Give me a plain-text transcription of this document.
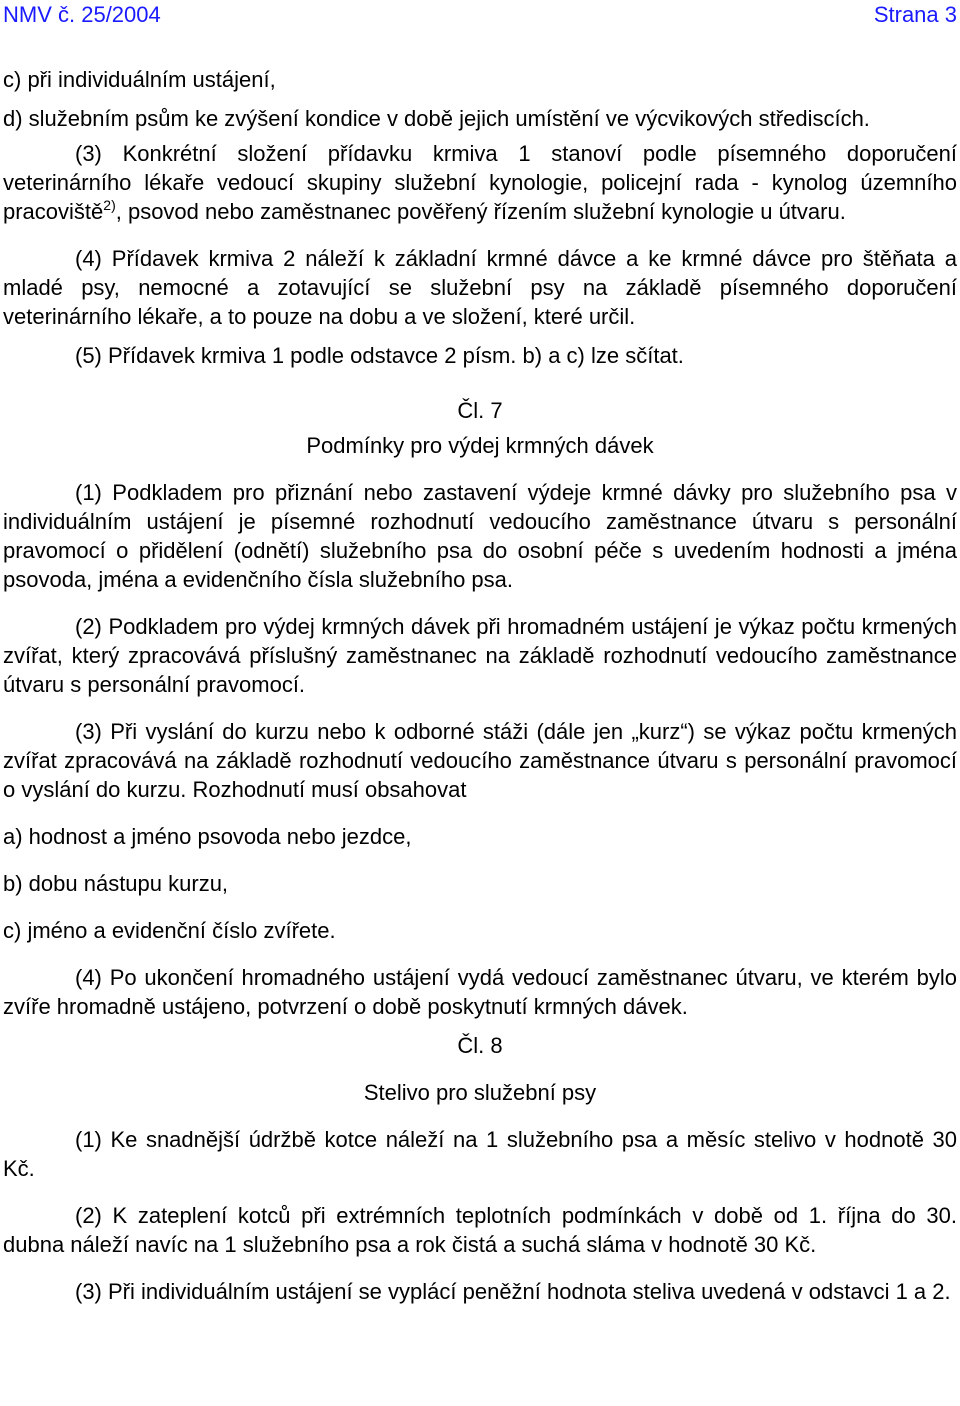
NMV č. 25/2004	Strana 3

c) při individuálním ustájení,

d) služebním psům ke zvýšení kondice v době jejich umístění ve výcvikových střediscích.

(3) Konkrétní složení přídavku krmiva 1 stanoví podle písemného doporučení veterinárního lékaře vedoucí skupiny služební kynologie, policejní rada - kynolog územního pracoviště$^{2)}$, psovod nebo zaměstnanec pověřený řízením služební kynologie u útvaru.

(4) Přídavek krmiva 2 náleží k základní krmné dávce a ke krmné dávce pro štěňata a mladé psy, nemocné a zotavující se služební psy na základě písemného doporučení veterinárního lékaře, a to pouze na dobu a ve složení, které určil.

(5) Přídavek krmiva 1 podle odstavce 2 písm. b) a c) lze sčítat.

Čl. 7

Podmínky pro výdej krmných dávek

(1) Podkladem pro přiznání nebo zastavení výdeje krmné dávky pro služebního psa v individuálním ustájení je písemné rozhodnutí vedoucího zaměstnance útvaru s personální pravomocí o přidělení (odnětí) služebního psa do osobní péče s uvedením hodnosti a jména psovoda, jména a evidenčního čísla služebního psa.

(2) Podkladem pro výdej krmných dávek při hromadném ustájení je výkaz počtu krmených zvířat, který zpracovává příslušný zaměstnanec na základě rozhodnutí vedoucího zaměstnance útvaru s personální pravomocí.

(3) Při vyslání do kurzu nebo k odborné stáži (dále jen „kurz“) se výkaz počtu krmených zvířat zpracovává na základě rozhodnutí vedoucího zaměstnance útvaru s personální pravomocí o vyslání do kurzu. Rozhodnutí musí obsahovat

a) hodnost a jméno psovoda nebo jezdce,

b) dobu nástupu kurzu,

c) jméno a evidenční číslo zvířete.

(4) Po ukončení hromadného ustájení vydá vedoucí zaměstnanec útvaru, ve kterém bylo zvíře hromadně ustájeno, potvrzení o době poskytnutí krmných dávek.

Čl. 8

Stelivo pro služební psy

(1) Ke snadnější údržbě kotce náleží na 1 služebního psa a měsíc stelivo v hodnotě 30 Kč.

(2) K zateplení kotců při extrémních teplotních podmínkách v době od 1. října do 30. dubna náleží navíc na 1 služebního psa a rok čistá a suchá sláma v hodnotě 30 Kč.

(3) Při individuálním ustájení se vyplácí peněžní hodnota steliva uvedená v odstavci 1 a 2.
